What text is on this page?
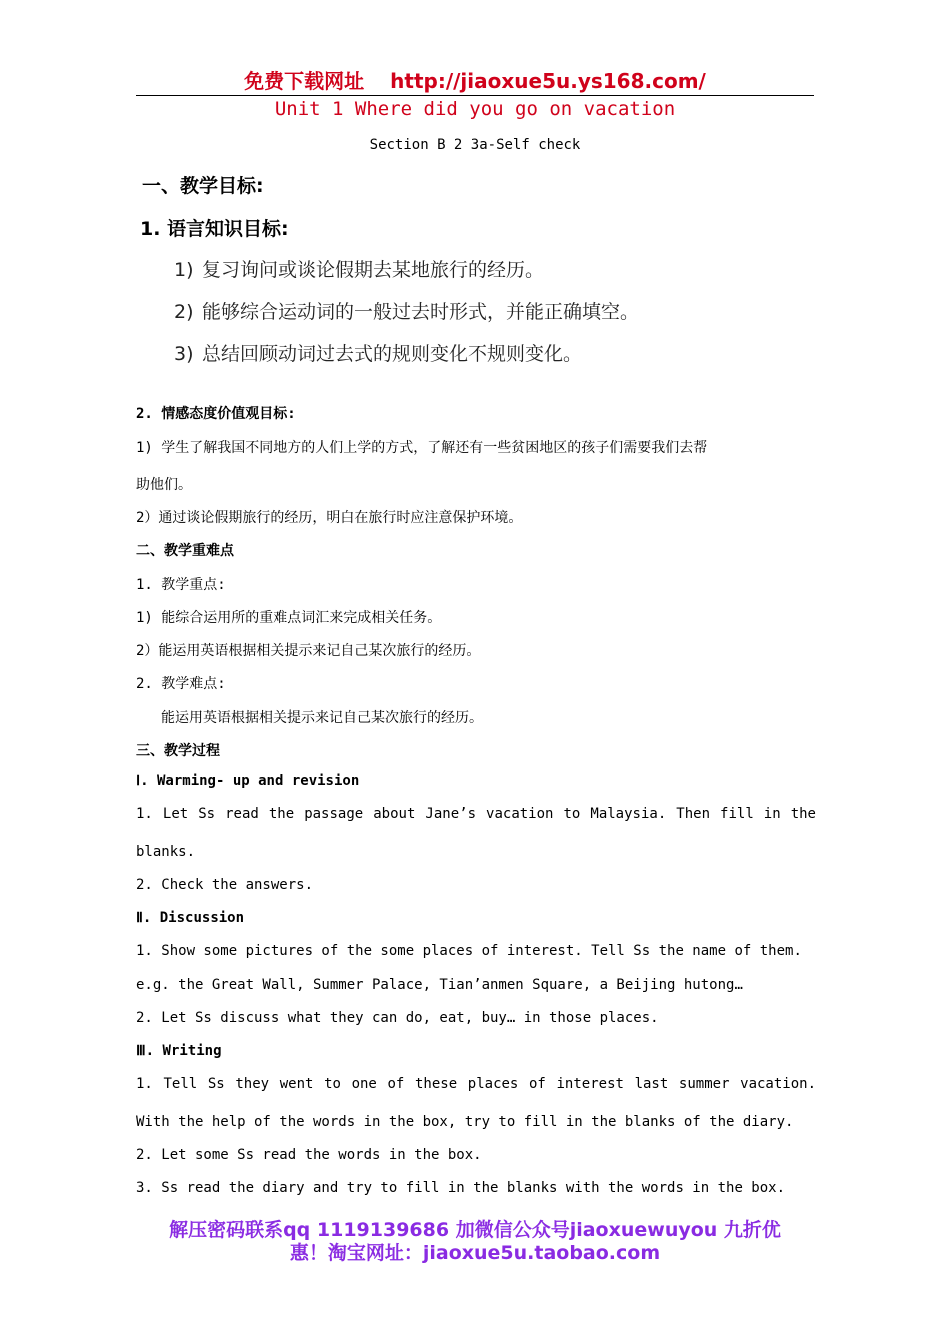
免费下载网址 http://jiaoxue5u.ys168.com/
Unit 1 Where did you go on vacation
Section B 2 3a-Self check
一、教学目标:
1. 语言知识目标:
1) 复习询问或谈论假期去某地旅行的经历。
2) 能够综合运动词的一般过去时形式，并能正确填空。
3) 总结回顾动词过去式的规则变化不规则变化。
2. 情感态度价值观目标:
1) 学生了解我国不同地方的人们上学的方式，了解还有一些贫困地区的孩子们需要我们去帮
助他们。
2）通过谈论假期旅行的经历，明白在旅行时应注意保护环境。
二、教学重难点
1. 教学重点:
1) 能综合运用所的重难点词汇来完成相关任务。
2）能运用英语根据相关提示来记自己某次旅行的经历。
2. 教学难点:
能运用英语根据相关提示来记自己某次旅行的经历。
三、教学过程
Ⅰ. Warming- up and revision
1. Let Ss read the passage about Jane’s vacation to Malaysia. Then fill in the
blanks.
2. Check the answers.
Ⅱ. Discussion
1. Show some pictures of the some places of interest. Tell Ss the name of them.
e.g. the Great Wall, Summer Palace, Tian’anmen Square, a Beijing hutong…
2. Let Ss discuss what they can do, eat, buy… in those places.
Ⅲ. Writing
1. Tell Ss they went to one of these places of interest last summer vacation.
With the help of the words in the box, try to fill in the blanks of the diary.
2. Let some Ss read the words in the box.
3. Ss read the diary and try to fill in the blanks with the words in the box.
解压密码联系qq 1119139686 加微信公众号jiaoxuewuyou 九折优
惠！淘宝网址：jiaoxue5u.taobao.com
